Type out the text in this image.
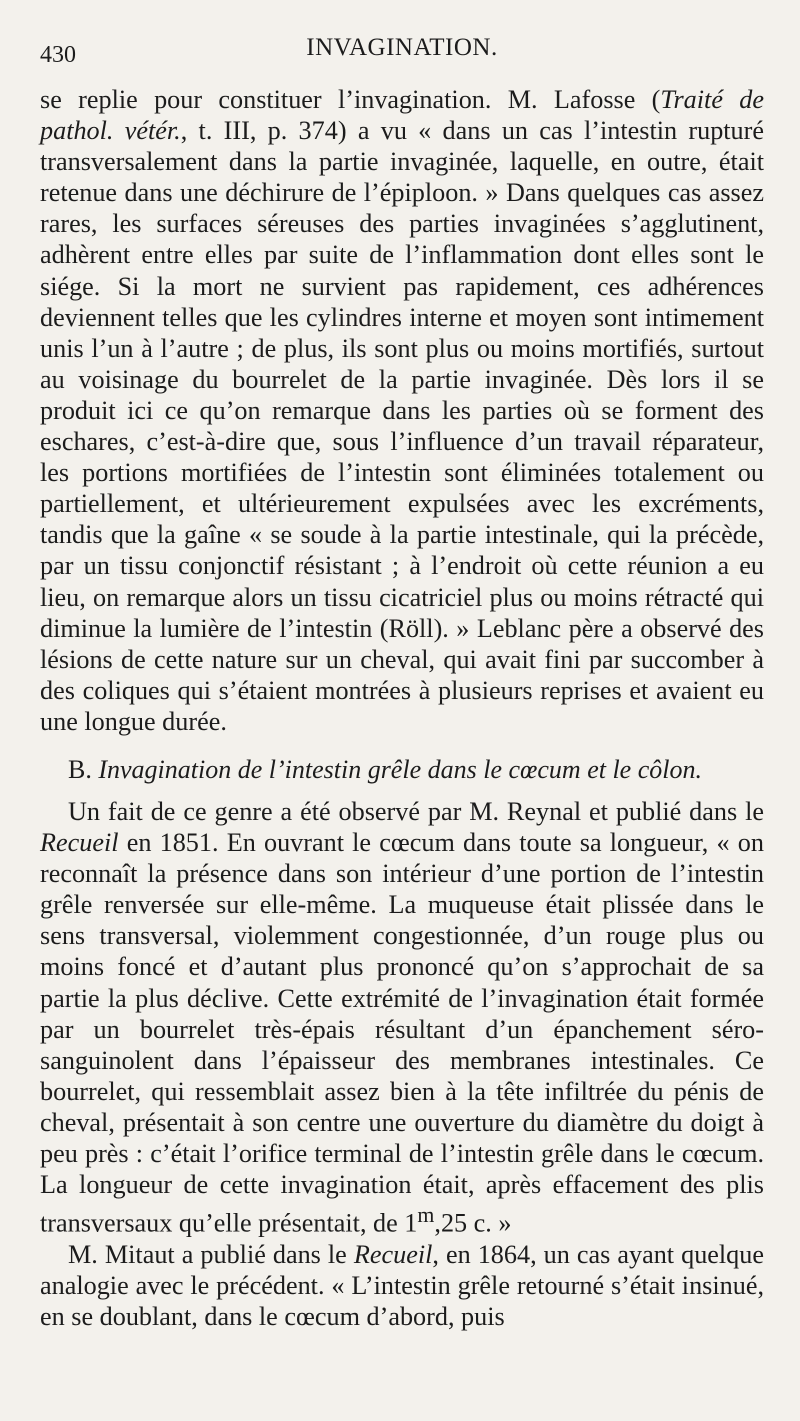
430	INVAGINATION.

se replie pour constituer l’invagination. M. Lafosse (Traité de pathol. vétér., t. III, p. 374) a vu « dans un cas l’intestin rupturé transversalement dans la partie invaginée, laquelle, en outre, était retenue dans une déchirure de l’épiploon. » Dans quelques cas assez rares, les surfaces séreuses des parties invaginées s’agglutinent, adhèrent entre elles par suite de l’inflammation dont elles sont le siége. Si la mort ne survient pas rapidement, ces adhérences deviennent telles que les cylindres interne et moyen sont intimement unis l’un à l’autre ; de plus, ils sont plus ou moins mortifiés, surtout au voisinage du bourrelet de la partie invaginée. Dès lors il se produit ici ce qu’on remarque dans les parties où se forment des eschares, c’est-à-dire que, sous l’influence d’un travail réparateur, les portions mortifiées de l’intestin sont éliminées totalement ou partiellement, et ultérieurement expulsées avec les excréments, tandis que la gaîne « se soude à la partie intestinale, qui la précède, par un tissu conjonctif résistant ; à l’endroit où cette réunion a eu lieu, on remarque alors un tissu cicatriciel plus ou moins rétracté qui diminue la lumière de l’intestin (Röll). » Leblanc père a observé des lésions de cette nature sur un cheval, qui avait fini par succomber à des coliques qui s’étaient montrées à plusieurs reprises et avaient eu une longue durée.

B. Invagination de l’intestin grêle dans le cœcum et le côlon.

Un fait de ce genre a été observé par M. Reynal et publié dans le Recueil en 1851. En ouvrant le cœcum dans toute sa longueur, « on reconnaît la présence dans son intérieur d’une portion de l’intestin grêle renversée sur elle-même. La muqueuse était plissée dans le sens transversal, violemment congestionnée, d’un rouge plus ou moins foncé et d’autant plus prononcé qu’on s’approchait de sa partie la plus déclive. Cette extrémité de l’invagination était formée par un bourrelet très-épais résultant d’un épanchement séro-sanguinolent dans l’épaisseur des membranes intestinales. Ce bourrelet, qui ressemblait assez bien à la tête infiltrée du pénis de cheval, présentait à son centre une ouverture du diamètre du doigt à peu près : c’était l’orifice terminal de l’intestin grêle dans le cœcum. La longueur de cette invagination était, après effacement des plis transversaux qu’elle présentait, de 1$^m$,25 c. »

M. Mitaut a publié dans le Recueil, en 1864, un cas ayant quelque analogie avec le précédent. « L’intestin grêle retourné s’était insinué, en se doublant, dans le cœcum d’abord, puis
